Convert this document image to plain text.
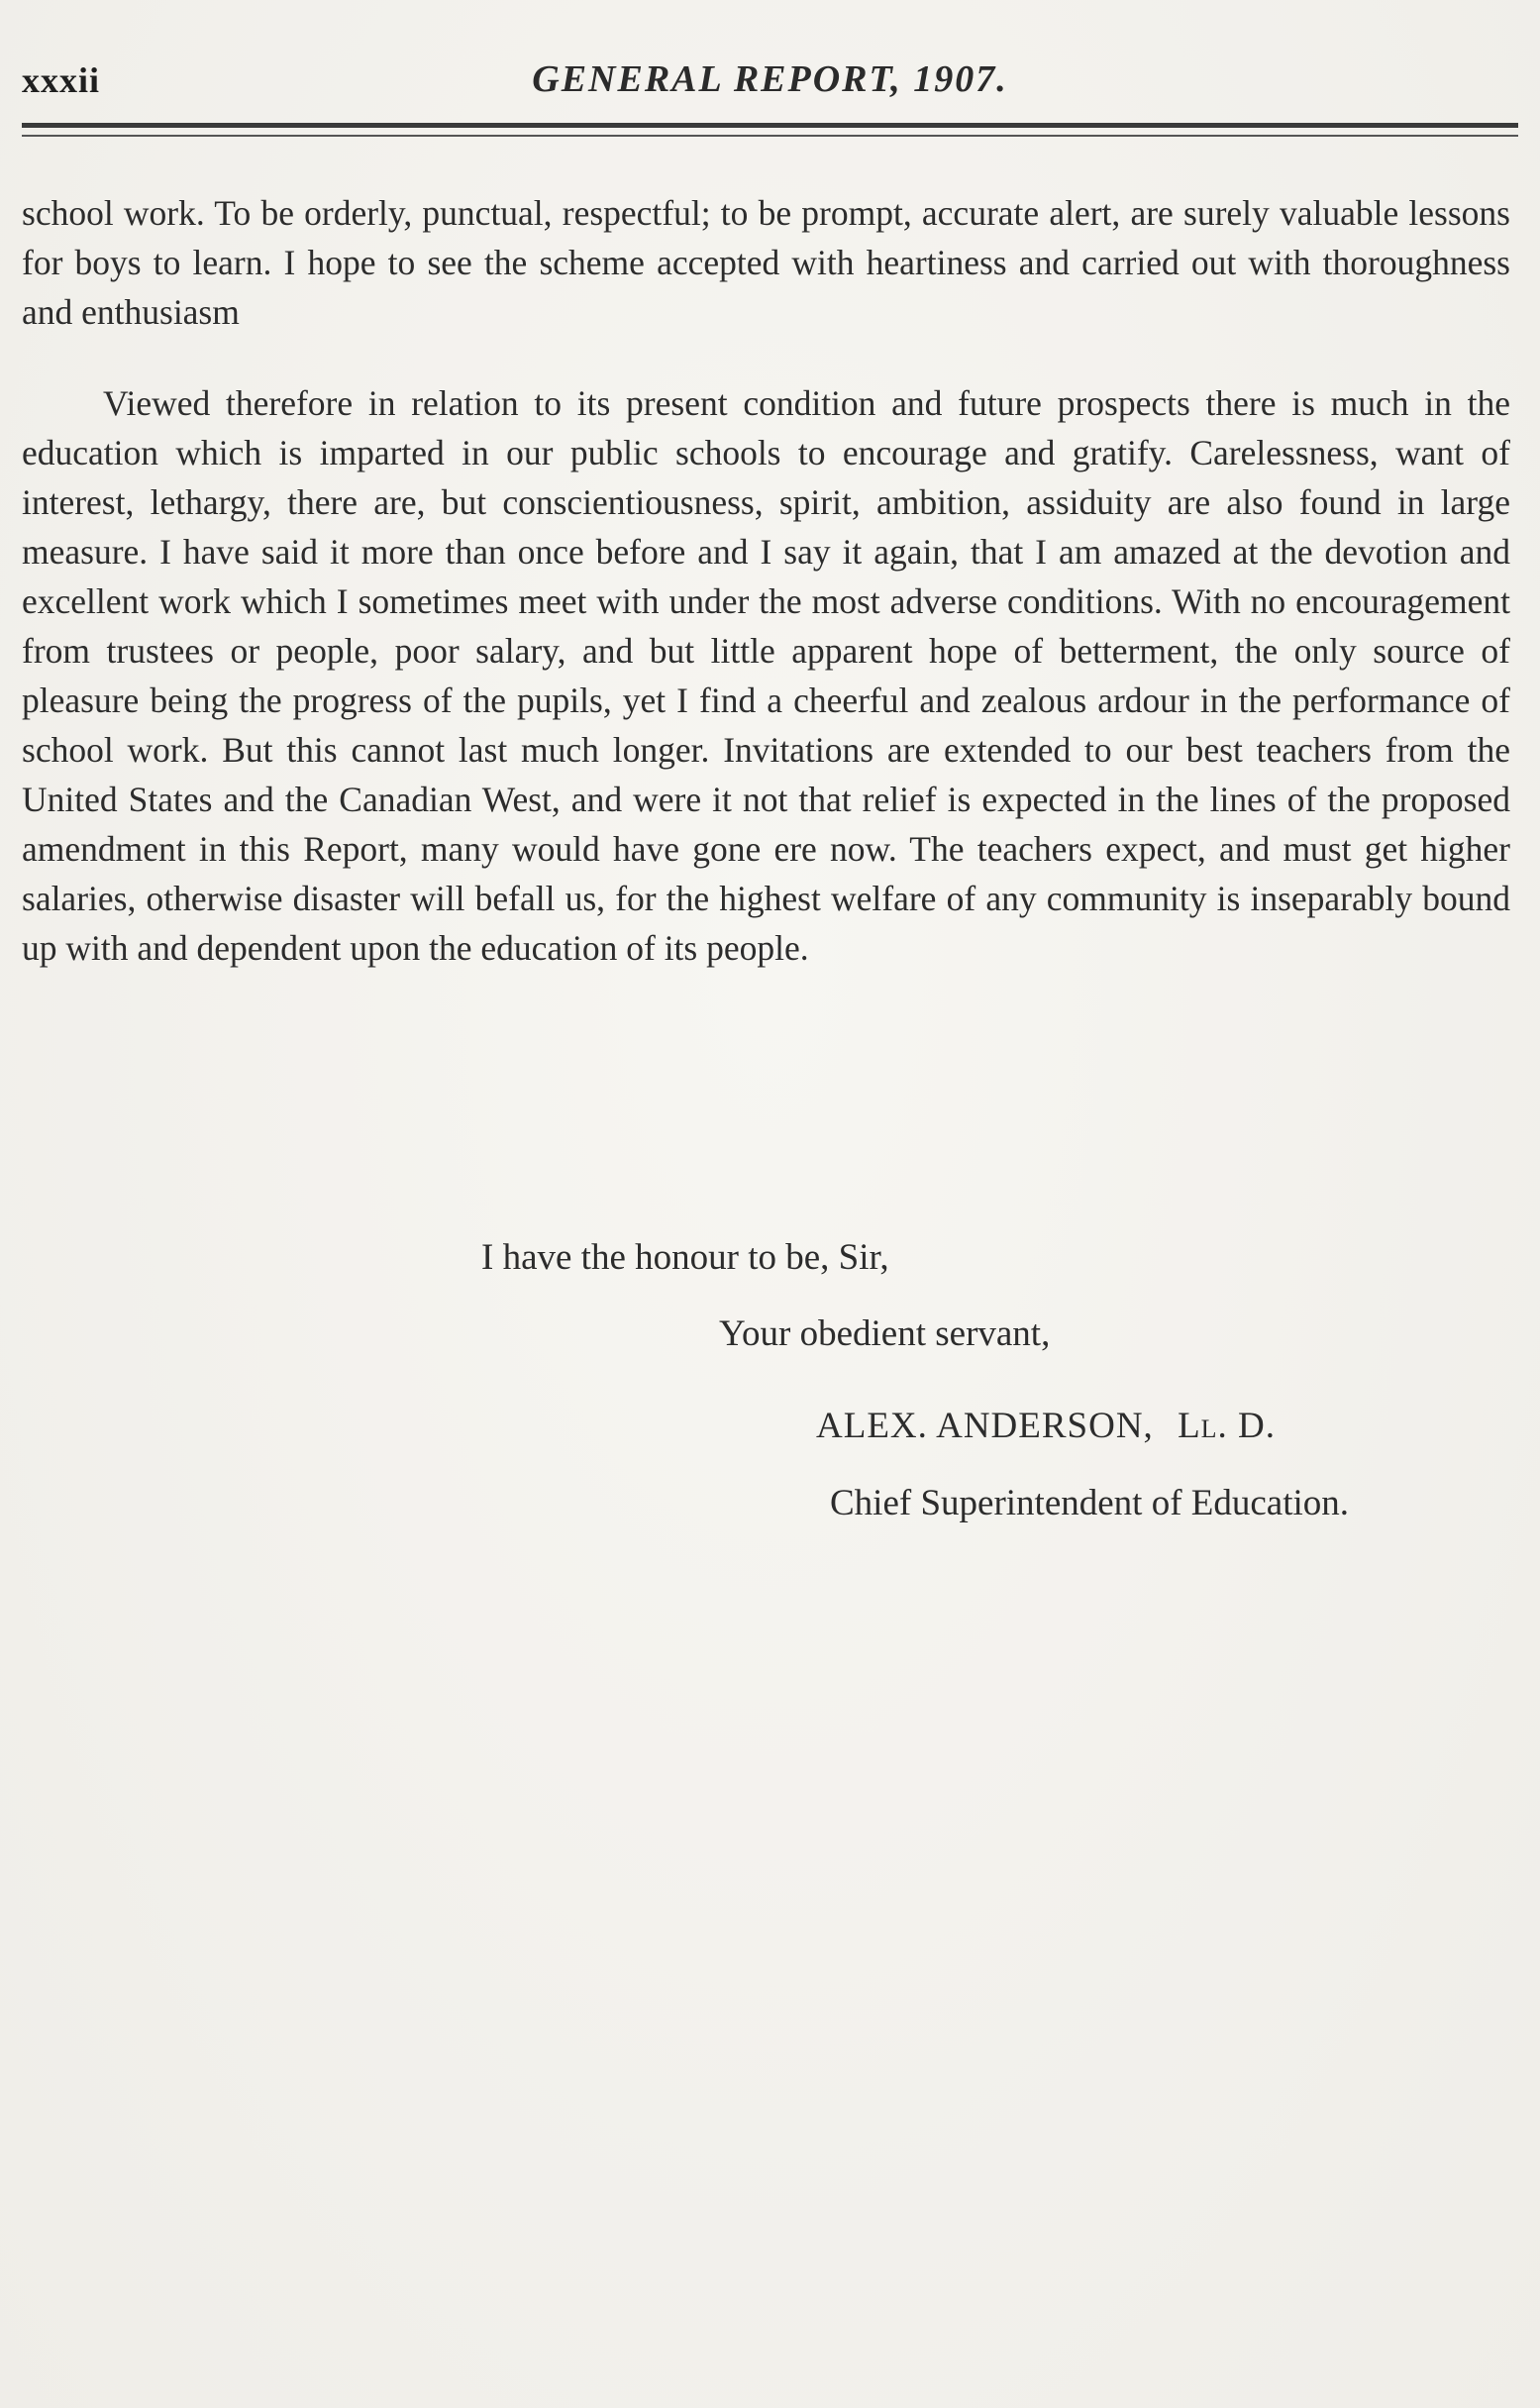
xxxii	GENERAL REPORT, 1907.

school work. To be orderly, punctual, respectful; to be prompt, accurate alert, are surely valuable lessons for boys to learn. I hope to see the scheme accepted with heartiness and carried out with thoroughness and enthusiasm

Viewed therefore in relation to its present condition and future prospects there is much in the education which is imparted in our public schools to encourage and gratify. Carelessness, want of interest, lethargy, there are, but conscientiousness, spirit, ambition, assiduity are also found in large measure. I have said it more than once before and I say it again, that I am amazed at the devotion and excellent work which I sometimes meet with under the most adverse conditions. With no encouragement from trustees or people, poor salary, and but little apparent hope of betterment, the only source of pleasure being the progress of the pupils, yet I find a cheerful and zealous ardour in the performance of school work. But this cannot last much longer. Invitations are extended to our best teachers from the United States and the Canadian West, and were it not that relief is expected in the lines of the proposed amendment in this Report, many would have gone ere now. The teachers expect, and must get higher salaries, otherwise disaster will befall us, for the highest welfare of any community is inseparably bound up with and dependent upon the education of its people.

I have the honour to be, Sir,
Your obedient servant,
ALEX. ANDERSON, Ll. D.
Chief Superintendent of Education.
